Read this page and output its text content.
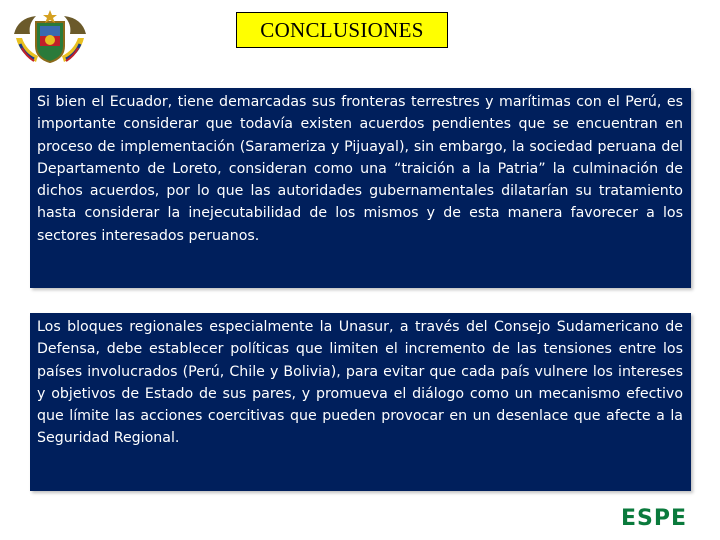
CONCLUSIONES
Si bien el Ecuador, tiene demarcadas sus fronteras terrestres y marítimas con el Perú, es importante considerar que todavía existen acuerdos pendientes que se encuentran en proceso de implementación (Sarameriza y Pijuayal), sin embargo, la sociedad peruana del Departamento de Loreto, consideran como una “traición a la Patria” la culminación de dichos acuerdos, por lo que las autoridades gubernamentales dilatarían su tratamiento hasta considerar la inejecutabilidad de los mismos y de esta manera favorecer a los sectores interesados peruanos.
Los bloques regionales especialmente la Unasur, a través del Consejo Sudamericano de Defensa, debe establecer políticas que limiten el incremento de las tensiones entre los países involucrados (Perú, Chile y Bolivia), para evitar que cada país vulnere los intereses y objetivos de Estado de sus pares, y promueva el diálogo como un mecanismo efectivo que límite las acciones coercitivas que pueden provocar en un desenlace que afecte a la Seguridad Regional.
ESPE
